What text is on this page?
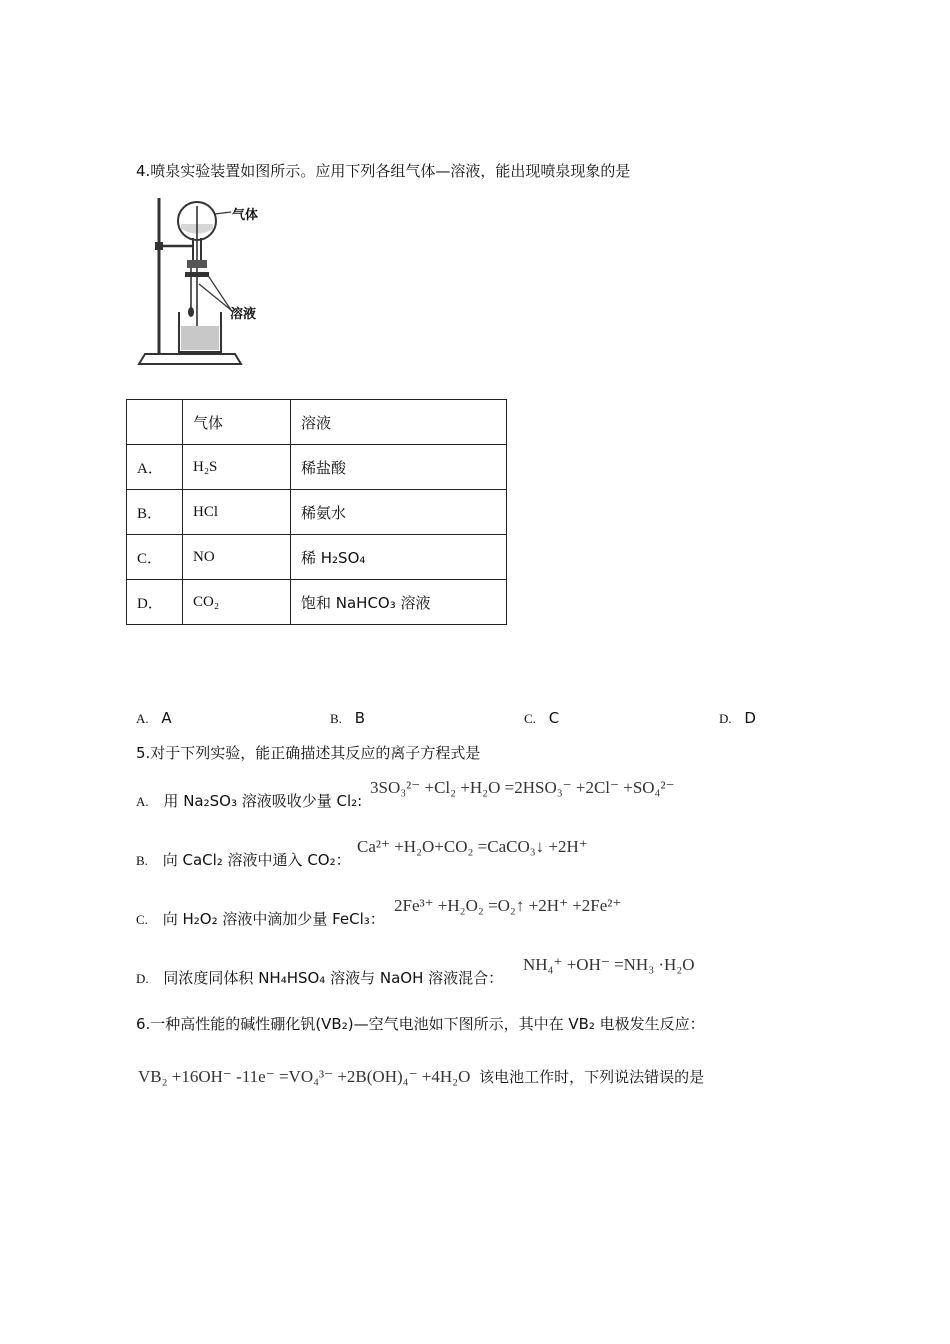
4.喷泉实验装置如图所示。应用下列各组气体—溶液，能出现喷泉现象的是
气体
溶液
	气体	溶液
A．	H₂S	稀盐酸
B．	HCl	稀氨水
C．	NO	稀 H₂SO₄
D．	CO₂	饱和 NaHCO₃ 溶液
A. A	B. B	C. C	D. D
5.对于下列实验，能正确描述其反应的离子方程式是
A. 用 Na₂SO₃ 溶液吸收少量 Cl₂:
3SO₃²⁻ +Cl₂ +H₂O =2HSO₃⁻ +2Cl⁻ +SO₄²⁻
B. 向 CaCl₂ 溶液中通入 CO₂：
Ca²⁺ +H₂O+CO₂ =CaCO₃↓ +2H⁺
C. 向 H₂O₂ 溶液中滴加少量 FeCl₃：
2Fe³⁺ +H₂O₂ =O₂↑ +2H⁺ +2Fe²⁺
D. 同浓度同体积 NH₄HSO₄ 溶液与 NaOH 溶液混合：
NH₄⁺ +OH⁻ =NH₃ ·H₂O
6.一种高性能的碱性硼化钒(VB₂)—空气电池如下图所示，其中在 VB₂ 电极发生反应：
VB₂ +16OH⁻ -11e⁻ =VO₄³⁻ +2B(OH)₄⁻ +4H₂O 该电池工作时，下列说法错误的是
